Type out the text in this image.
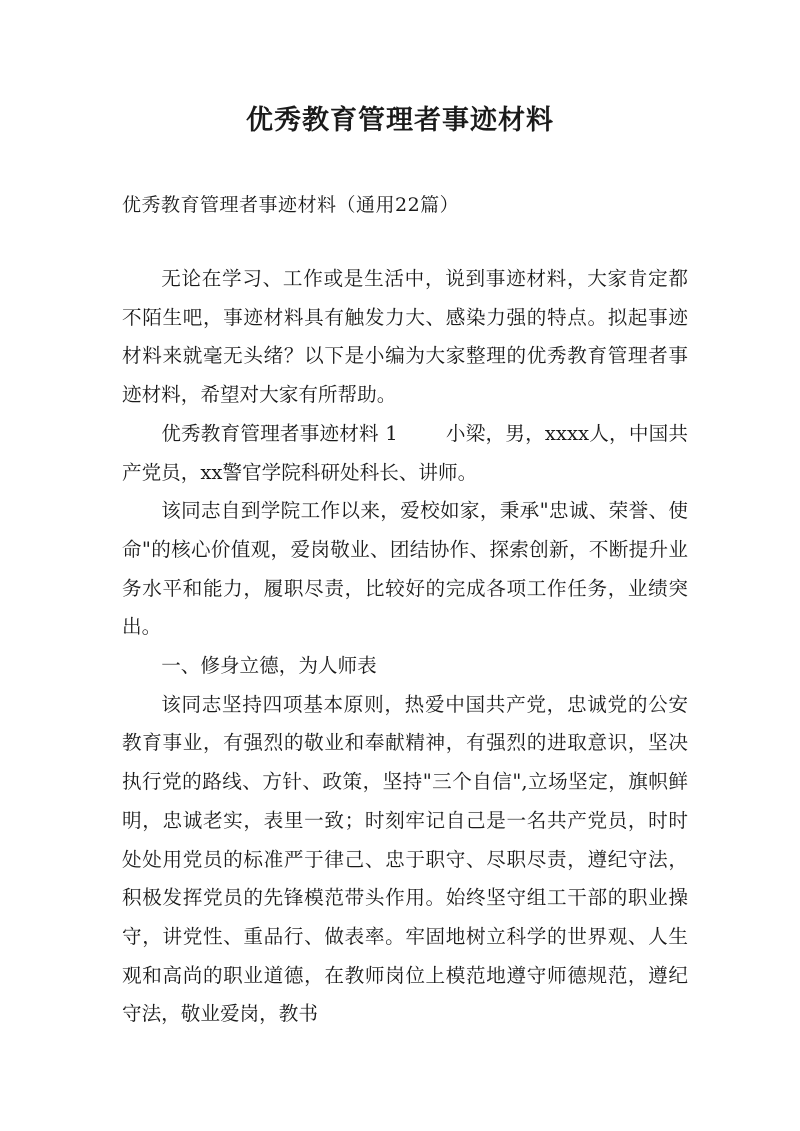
优秀教育管理者事迹材料

优秀教育管理者事迹材料（通用22篇）

无论在学习、工作或是生活中，说到事迹材料，大家肯定都不陌生吧，事迹材料具有触发力大、感染力强的特点。拟起事迹材料来就毫无头绪？以下是小编为大家整理的优秀教育管理者事迹材料，希望对大家有所帮助。

优秀教育管理者事迹材料 1 小梁，男，xxxx人，中国共产党员，xx警官学院科研处科长、讲师。

该同志自到学院工作以来，爱校如家，秉承"忠诚、荣誉、使命"的核心价值观，爱岗敬业、团结协作、探索创新，不断提升业务水平和能力，履职尽责，比较好的完成各项工作任务，业绩突出。

一、修身立德，为人师表

该同志坚持四项基本原则，热爱中国共产党，忠诚党的公安教育事业，有强烈的敬业和奉献精神，有强烈的进取意识，坚决执行党的路线、方针、政策，坚持"三个自信",立场坚定，旗帜鲜明，忠诚老实，表里一致；时刻牢记自己是一名共产党员，时时处处用党员的标准严于律己、忠于职守、尽职尽责，遵纪守法，积极发挥党员的先锋模范带头作用。始终坚守组工干部的职业操守，讲党性、重品行、做表率。牢固地树立科学的世界观、人生观和高尚的职业道德，在教师岗位上模范地遵守师德规范，遵纪守法，敬业爱岗，教书
